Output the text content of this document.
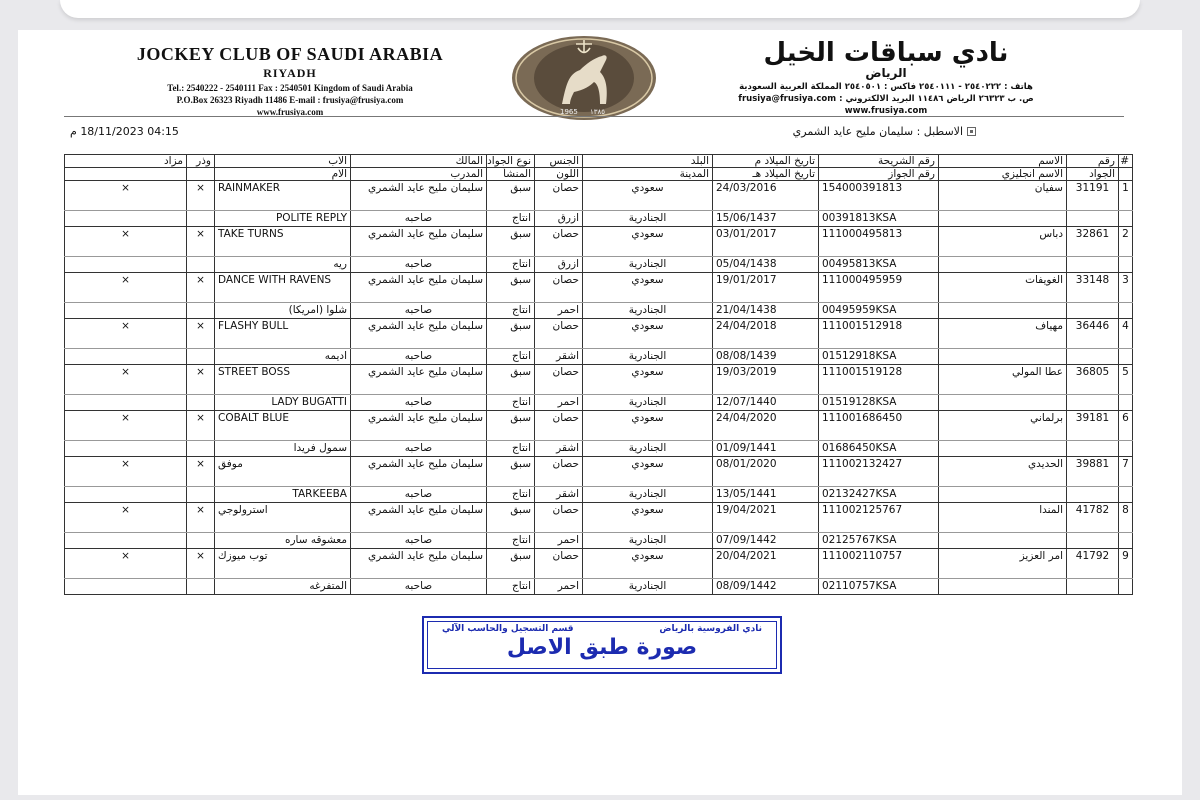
JOCKEY CLUB OF SAUDI ARABIA
RIYADH
Tel.: 2540222 - 2540111 Fax : 2540501 Kingdom of Saudi Arabia
P.O.Box 26323 Riyadh 11486 E-mail : frusiya@frusiya.com
www.frusiya.com	1965 ١٣٨٥
نادي سباقات الخيل
الرياض
هاتف : ٢٥٤٠٢٢٢ - ٢٥٤٠١١١ فاكس : ٢٥٤٠٥٠١ المملكة العربية السعودية
ص. ب ٢٦٣٢٣ الرياض ١١٤٨٦ البريد الالكتروني : frusiya@frusiya.com
www.frusiya.com
الاسطبل : سليمان مليح عايد الشمري
04:15 18/11/2023 م
#	رقم	الاسم	رقم الشريحة	تاريخ الميلاد م	البلد	الجنس	نوع الجواد	المالك	الاب	وذر	مزاد
	الجواد	الاسم انجليزي	رقم الجواز	تاريخ الميلاد هـ	المدينة	اللون	المنشأ	المدرب	الام		
1	31191	سفيان	154000391813	24/03/2016	سعودي	حصان	سبق	سليمان مليح عايد الشمري	RAINMAKER	×	×
			00391813KSA	15/06/1437	الجنادرية	ازرق	انتاج	صاحبه	POLITE REPLY		
2	32861	دباس	111000495813	03/01/2017	سعودي	حصان	سبق	سليمان مليح عايد الشمري	TAKE TURNS	×	×
			00495813KSA	05/04/1438	الجنادرية	ازرق	انتاج	صاحبه	ريه		
3	33148	الغويفات	111000495959	19/01/2017	سعودي	حصان	سبق	سليمان مليح عايد الشمري	DANCE WITH RAVENS	×	×
			00495959KSA	21/04/1438	الجنادرية	احمر	انتاج	صاحبه	شلوا (امريكا)		
4	36446	مهياف	111001512918	24/04/2018	سعودي	حصان	سبق	سليمان مليح عايد الشمري	FLASHY BULL	×	×
			01512918KSA	08/08/1439	الجنادرية	اشقر	انتاج	صاحبه	اديمه		
5	36805	عطا المولي	111001519128	19/03/2019	سعودي	حصان	سبق	سليمان مليح عايد الشمري	STREET BOSS	×	×
			01519128KSA	12/07/1440	الجنادرية	احمر	انتاج	صاحبه	LADY BUGATTI		
6	39181	برلماني	111001686450	24/04/2020	سعودي	حصان	سبق	سليمان مليح عايد الشمري	COBALT BLUE	×	×
			01686450KSA	01/09/1441	الجنادرية	اشقر	انتاج	صاحبه	سمول فريدا		
7	39881	الحديدي	111002132427	08/01/2020	سعودي	حصان	سبق	سليمان مليح عايد الشمري	موفق	×	×
			02132427KSA	13/05/1441	الجنادرية	اشقر	انتاج	صاحبه	TARKEEBA		
8	41782	المندا	111002125767	19/04/2021	سعودي	حصان	سبق	سليمان مليح عايد الشمري	استرولوجي	×	×
			02125767KSA	07/09/1442	الجنادرية	احمر	انتاج	صاحبه	معشوقه ساره		
9	41792	امر العزيز	111002110757	20/04/2021	سعودي	حصان	سبق	سليمان مليح عايد الشمري	توب ميوزك	×	×
			02110757KSA	08/09/1442	الجنادرية	احمر	انتاج	صاحبه	المتفرغه		
نادي الفروسية بالرياض
قسم التسجيل والحاسب الآلي
صورة طبق الاصل
